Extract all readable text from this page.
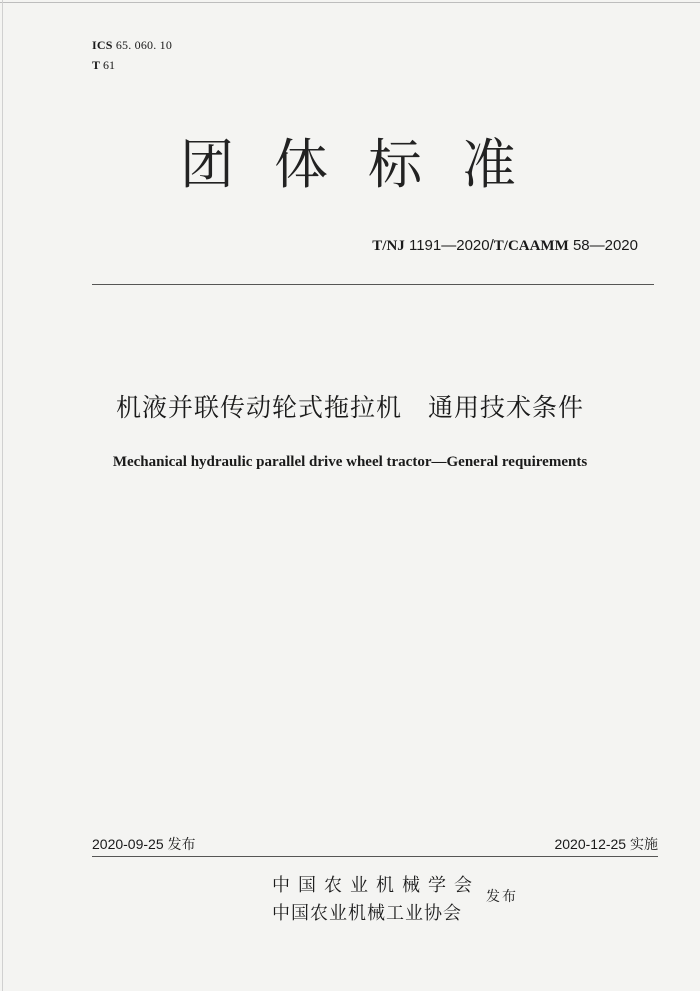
ICS 65. 060. 10
T 61
团体标准
T/NJ 1191—2020/T/CAAMM 58—2020
机液并联传动轮式拖拉机　通用技术条件
Mechanical hydraulic parallel drive wheel tractor—General requirements
2020-09-25 发布	2020-12-25 实施
中国农业机械学会
中国农业机械工业协会
发布
